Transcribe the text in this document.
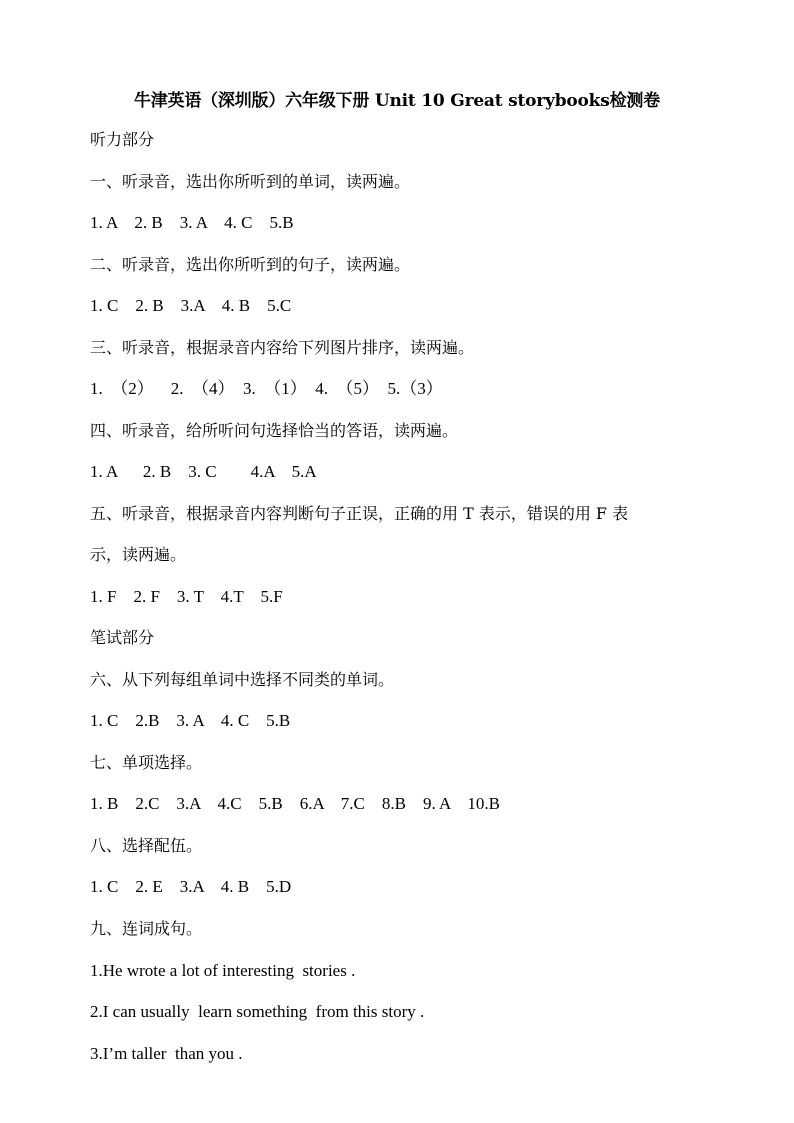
牛津英语（深圳版）六年级下册 Unit 10 Great storybooks检测卷
听力部分
一、听录音，选出你所听到的单词，读两遍。
1. A    2. B    3. A    4. C    5.B
二、听录音，选出你所听到的句子，读两遍。
1. C    2. B    3.A    4. B    5.C
三、听录音，根据录音内容给下列图片排序，读两遍。
1.  （2）    2.  （4）  3.  （1）  4.  （5）  5.（3）
四、听录音，给所听问句选择恰当的答语，读两遍。
1. A      2. B    3. C        4.A    5.A
五、听录音，根据录音内容判断句子正误，正确的用 T 表示，错误的用 F 表
示，读两遍。
1. F    2. F    3. T    4.T    5.F
笔试部分
六、从下列每组单词中选择不同类的单词。
1. C    2.B    3. A    4. C    5.B
七、单项选择。
1. B    2.C    3.A    4.C    5.B    6.A    7.C    8.B    9. A    10.B
八、选择配伍。
1. C    2. E    3.A    4. B    5.D
九、连词成句。
1.He wrote a lot of interesting  stories .
2.I can usually  learn something  from this story .
3.I’m taller  than you .
